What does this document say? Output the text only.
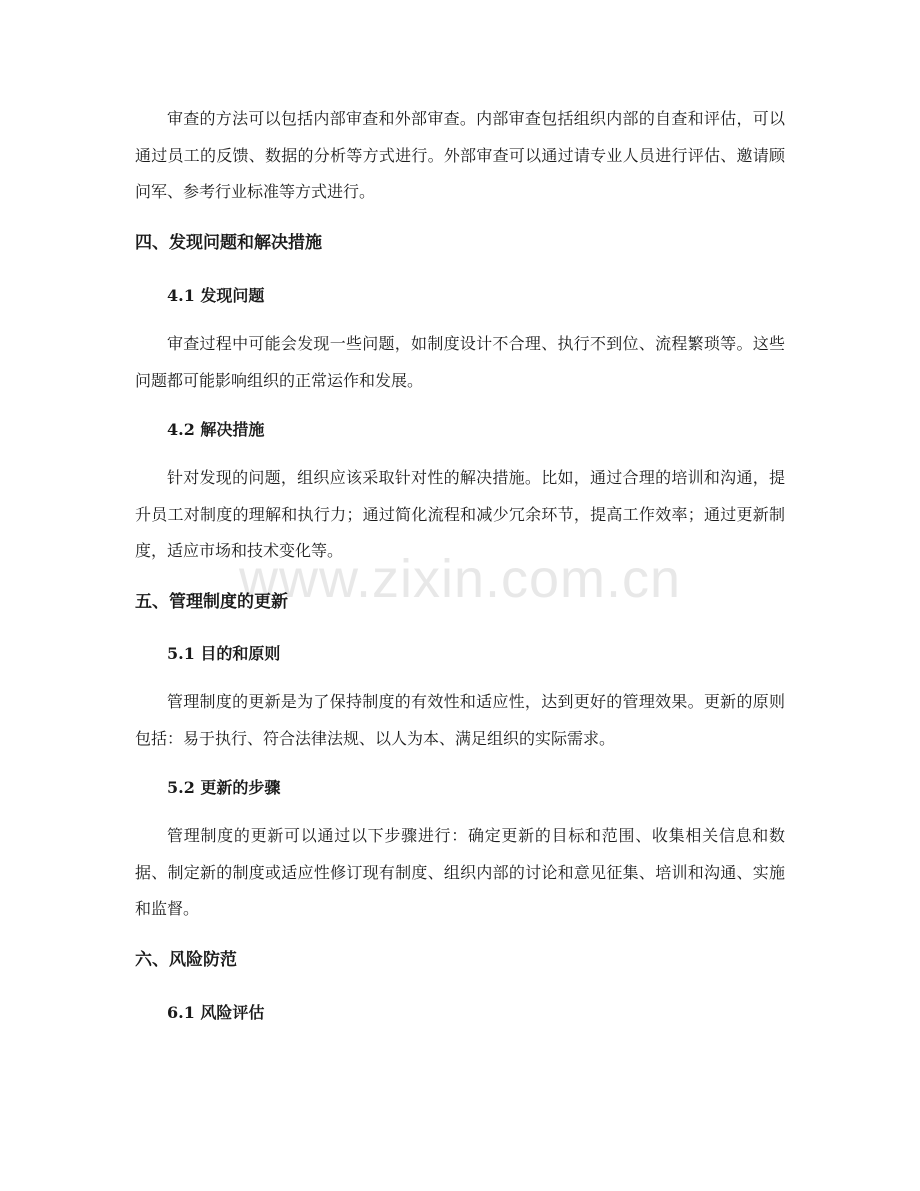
www.zixin.com.cn

审查的方法可以包括内部审查和外部审查。内部审查包括组织内部的自查和评估，可以通过员工的反馈、数据的分析等方式进行。外部审查可以通过请专业人员进行评估、邀请顾问军、参考行业标准等方式进行。

四、发现问题和解决措施
4.1 发现问题

审查过程中可能会发现一些问题，如制度设计不合理、执行不到位、流程繁琐等。这些问题都可能影响组织的正常运作和发展。

4.2 解决措施

针对发现的问题，组织应该采取针对性的解决措施。比如，通过合理的培训和沟通，提升员工对制度的理解和执行力；通过简化流程和减少冗余环节，提高工作效率；通过更新制度，适应市场和技术变化等。

五、管理制度的更新
5.1 目的和原则

管理制度的更新是为了保持制度的有效性和适应性，达到更好的管理效果。更新的原则包括：易于执行、符合法律法规、以人为本、满足组织的实际需求。

5.2 更新的步骤

管理制度的更新可以通过以下步骤进行：确定更新的目标和范围、收集相关信息和数据、制定新的制度或适应性修订现有制度、组织内部的讨论和意见征集、培训和沟通、实施和监督。

六、风险防范
6.1 风险评估
